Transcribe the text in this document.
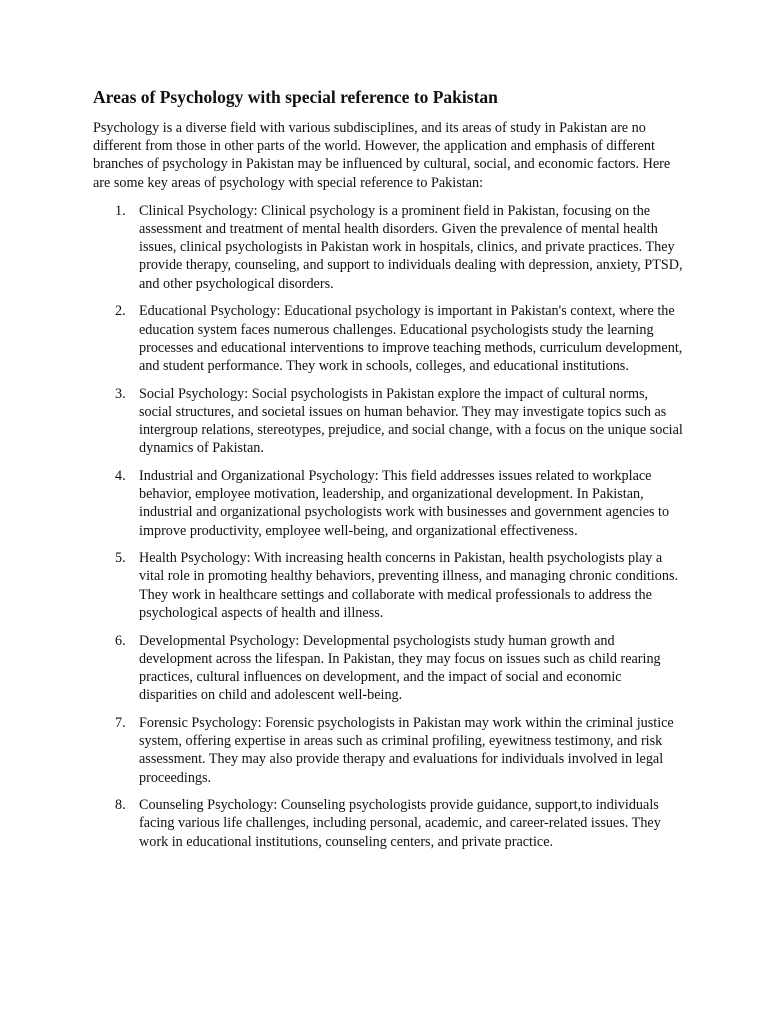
Areas of Psychology with special reference to Pakistan

Psychology is a diverse field with various subdisciplines, and its areas of study in Pakistan are no different from those in other parts of the world. However, the application and emphasis of different branches of psychology in Pakistan may be influenced by cultural, social, and economic factors. Here are some key areas of psychology with special reference to Pakistan:

1. Clinical Psychology: Clinical psychology is a prominent field in Pakistan, focusing on the assessment and treatment of mental health disorders. Given the prevalence of mental health issues, clinical psychologists in Pakistan work in hospitals, clinics, and private practices. They provide therapy, counseling, and support to individuals dealing with depression, anxiety, PTSD, and other psychological disorders.
2. Educational Psychology: Educational psychology is important in Pakistan's context, where the education system faces numerous challenges. Educational psychologists study the learning processes and educational interventions to improve teaching methods, curriculum development, and student performance. They work in schools, colleges, and educational institutions.
3. Social Psychology: Social psychologists in Pakistan explore the impact of cultural norms, social structures, and societal issues on human behavior. They may investigate topics such as intergroup relations, stereotypes, prejudice, and social change, with a focus on the unique social dynamics of Pakistan.
4. Industrial and Organizational Psychology: This field addresses issues related to workplace behavior, employee motivation, leadership, and organizational development. In Pakistan, industrial and organizational psychologists work with businesses and government agencies to improve productivity, employee well-being, and organizational effectiveness.
5. Health Psychology: With increasing health concerns in Pakistan, health psychologists play a vital role in promoting healthy behaviors, preventing illness, and managing chronic conditions. They work in healthcare settings and collaborate with medical professionals to address the psychological aspects of health and illness.
6. Developmental Psychology: Developmental psychologists study human growth and development across the lifespan. In Pakistan, they may focus on issues such as child rearing practices, cultural influences on development, and the impact of social and economic disparities on child and adolescent well-being.
7. Forensic Psychology: Forensic psychologists in Pakistan may work within the criminal justice system, offering expertise in areas such as criminal profiling, eyewitness testimony, and risk assessment. They may also provide therapy and evaluations for individuals involved in legal proceedings.
8. Counseling Psychology: Counseling psychologists provide guidance, support,to individuals facing various life challenges, including personal, academic, and career-related issues. They work in educational institutions, counseling centers, and private practice.
